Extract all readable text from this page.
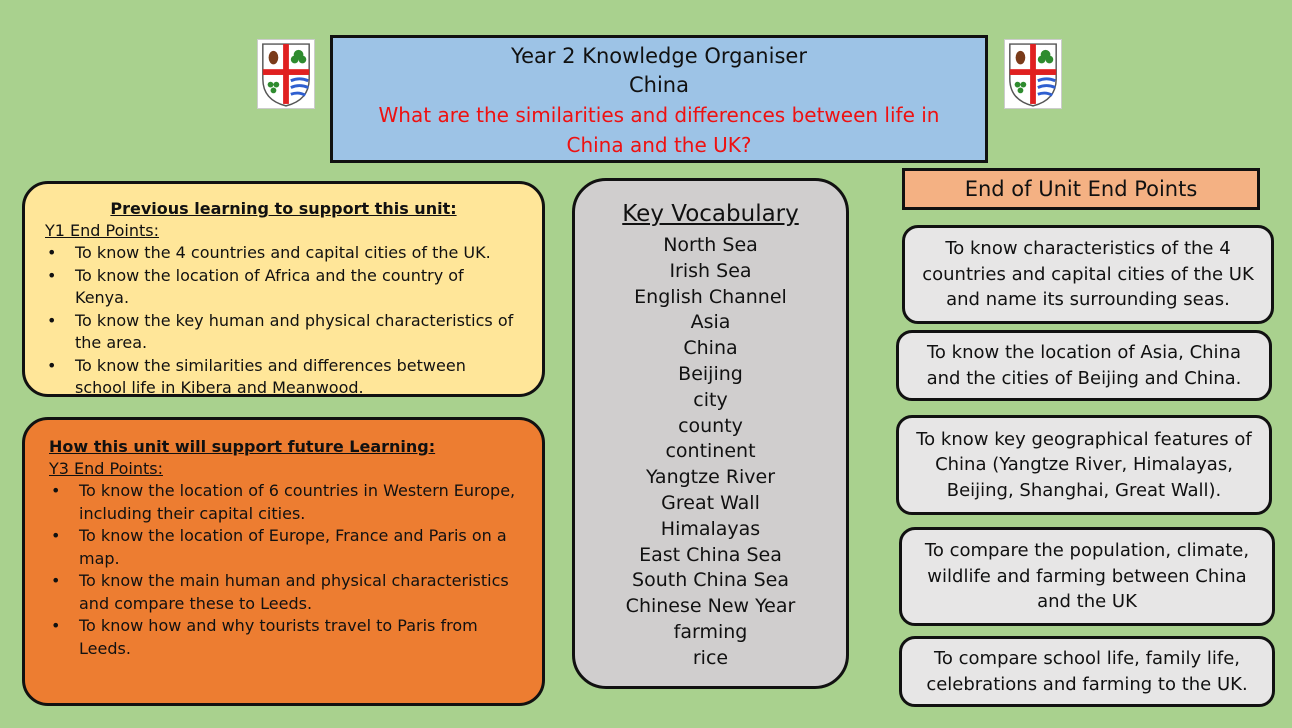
Year 2 Knowledge Organiser
China
What are the similarities and differences between life in China and the UK?
Previous learning to support this unit:
Y1 End Points:
• To know the 4 countries and capital cities of the UK.
• To know the location of Africa and the country of Kenya.
• To know the key human and physical characteristics of the area.
• To know the similarities and differences between school life in Kibera and Meanwood.
How this unit will support future Learning:
Y3 End Points:
• To know the location of 6 countries in Western Europe, including their capital cities.
• To know the location of Europe, France and Paris on a map.
• To know the main human and physical characteristics and compare these to Leeds.
• To know how and why tourists travel to Paris from Leeds.
Key Vocabulary
North Sea
Irish Sea
English Channel
Asia
China
Beijing
city
county
continent
Yangtze River
Great Wall
Himalayas
East China Sea
South China Sea
Chinese New Year
farming
rice
End of Unit End Points
To know characteristics of the 4 countries and capital cities of the UK and name its surrounding seas.
To know the location of Asia, China and the cities of Beijing and China.
To know key geographical features of China (Yangtze River, Himalayas, Beijing, Shanghai, Great Wall).
To compare the population, climate, wildlife and farming between China and the UK
To compare school life, family life, celebrations and farming to the UK.
